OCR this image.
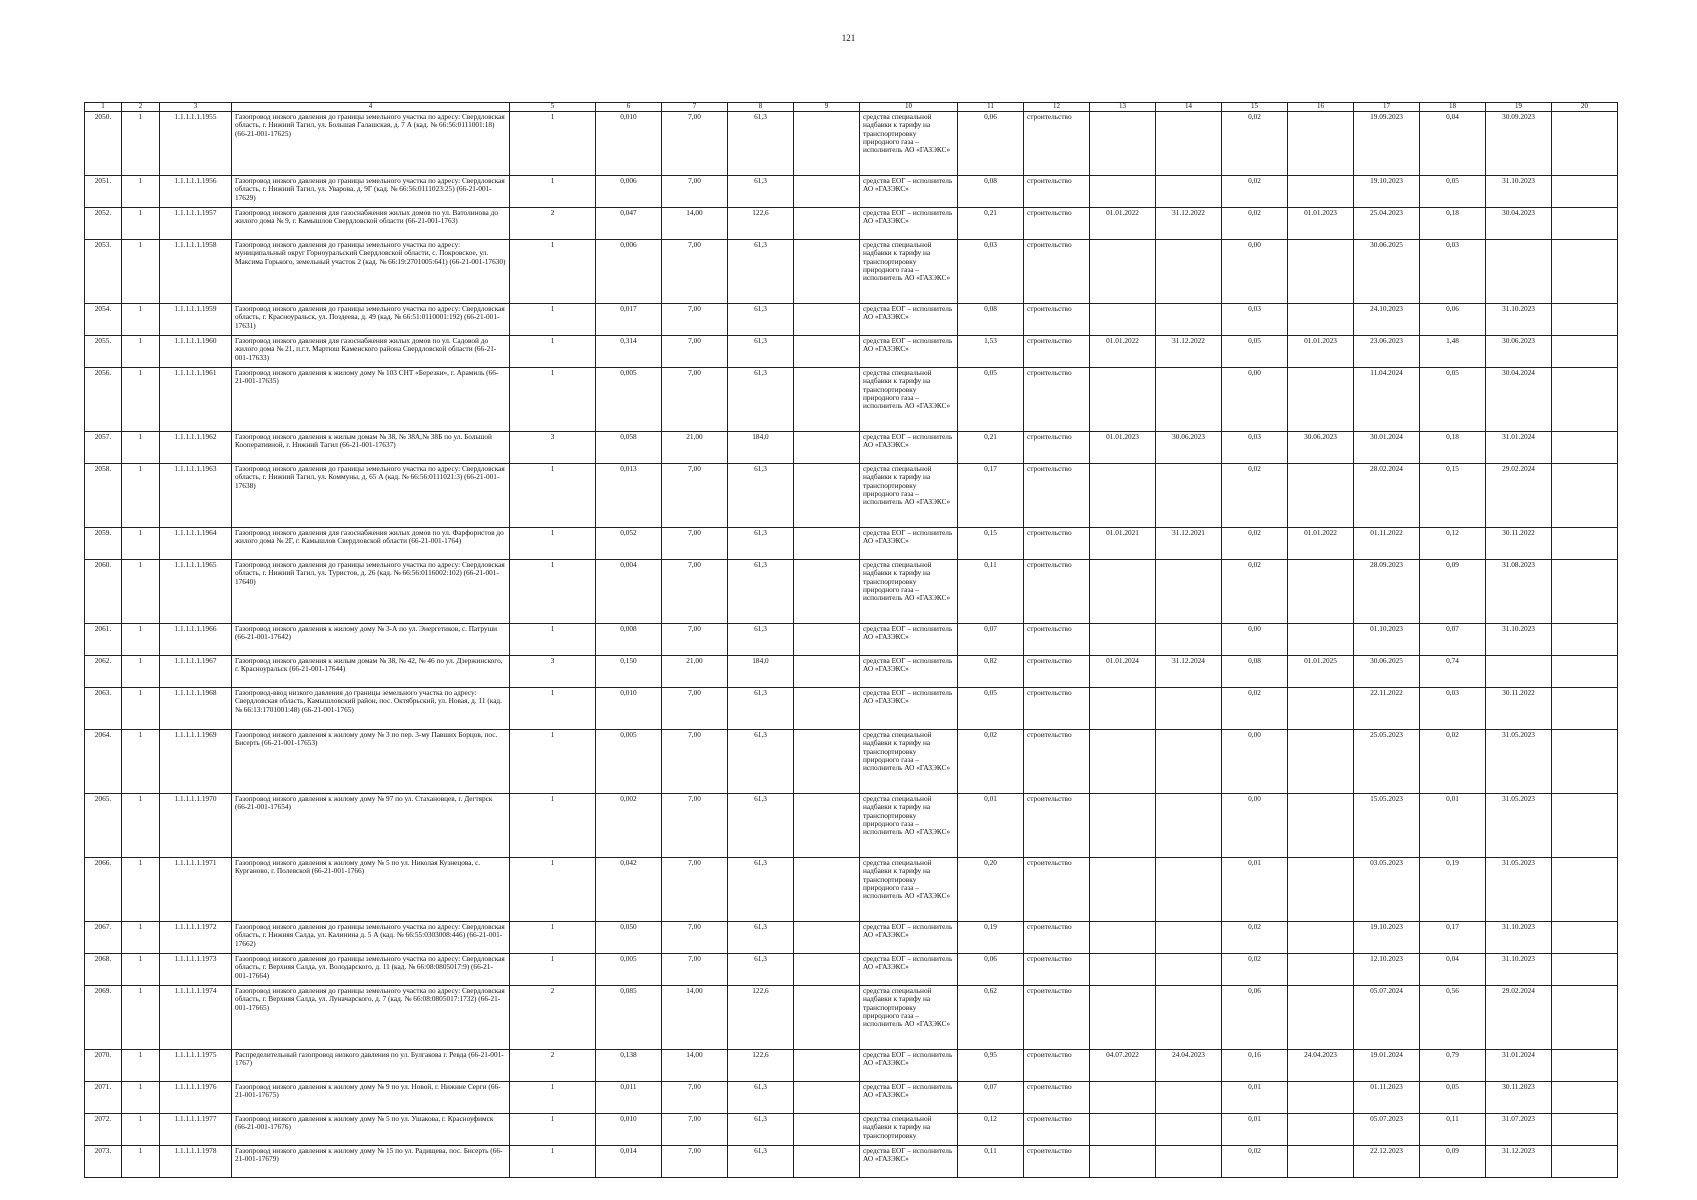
121
1	2	3	4	5	6	7	8	9	10	11	12	13	14	15	16	17	18	19	20
2050.	1	1.1.1.1.1.1955	Газопровод низкого давления до границы земельного участка по адресу: Свердловская область, г. Нижний Тагил, ул. Большая Галашская, д. 7 А (кад. № 66:56:0111001:18) (66-21-001-17625)	1	0,010	7,00	61,3		средства специальной надбавки к тарифу на транспортировку природного газа – исполнитель АО «ГАЗЭКС»	0,06	строительство			0,02		19.09.2023	0,04	30.09.2023	
2051.	1	1.1.1.1.1.1956	Газопровод низкого давления до границы земельного участка по адресу: Свердловская область, г. Нижний Тагил, ул. Уваровa, д. 9Г (кад. № 66:56:0111023:25) (66-21-001-17629)	1	0,006	7,00	61,3		средства ЕОГ – исполнитель АО «ГАЗЭКС»	0,08	строительство			0,02		19.10.2023	0,05	31.10.2023	
2052.	1	1.1.1.1.1.1957	Газопровод низкого давления для газоснабжения жилых домов по ул. Ватолинова до жилого дома № 9, г. Камышлов Свердловской области (66-21-001-1763)	2	0,047	14,00	122,6		средства ЕОГ – исполнитель АО «ГАЗЭКС»	0,21	строительство	01.01.2022	31.12.2022	0,02	01.01.2023	25.04.2023	0,18	30.04.2023	
2053.	1	1.1.1.1.1.1958	Газопровод низкого давления до границы земельного участка по адресу: муниципальный округ Горноуральский Свердловской области, с. Покровское, ул. Максима Горького, земельный участок 2 (кад. № 66:19:2701005:641) (66-21-001-17630)	1	0,006	7,00	61,3		средства специальной надбавки к тарифу на транспортировку природного газа – исполнитель АО «ГАЗЭКС»	0,03	строительство			0,00		30.06.2025	0,03		
2054.	1	1.1.1.1.1.1959	Газопровод низкого давления до границы земельного участка по адресу: Свердловская область, г. Красноуральск, ул. Поздеева, д. 49 (кад. № 66:51:0110001:192) (66-21-001-17631)	1	0,017	7,00	61,3		средства ЕОГ – исполнитель АО «ГАЗЭКС»	0,08	строительство			0,03		24.10.2023	0,06	31.10.2023	
2055.	1	1.1.1.1.1.1960	Газопровод низкого давления для газоснабжения жилых домов по ул. Садовой до жилого дома № 21, п.г.т. Мартюш Каменского района Свердловской области (66-21-001-17633)	1	0,314	7,00	61,3		средства ЕОГ – исполнитель АО «ГАЗЭКС»	1,53	строительство	01.01.2022	31.12.2022	0,05	01.01.2023	23.06.2023	1,48	30.06.2023	
2056.	1	1.1.1.1.1.1961	Газопровод низкого давления к жилому дому № 103 СНТ «Березки», г. Арамиль (66-21-001-17635)	1	0,005	7,00	61,3		средства специальной надбавки к тарифу на транспортировку природного газа – исполнитель АО «ГАЗЭКС»	0,05	строительство			0,00		11.04.2024	0,05	30.04.2024	
2057.	1	1.1.1.1.1.1962	Газопровод низкого давления к жилым домам № 38, № 38А,№ 38Б по ул. Большой Кооперативной, г. Нижний Тагил (66-21-001-17637)	3	0,058	21,00	184,0		средства ЕОГ – исполнитель АО «ГАЗЭКС»	0,21	строительство	01.01.2023	30.06.2023	0,03	30.06.2023	30.01.2024	0,18	31.01.2024	
2058.	1	1.1.1.1.1.1963	Газопровод низкого давления до границы земельного участка по адресу: Свердловская область, г. Нижний Тагил, ул. Коммуны, д. 65 А (кад. № 66:56:0111021:3) (66-21-001-17638)	1	0,013	7,00	61,3		средства специальной надбавки к тарифу на транспортировку природного газа – исполнитель АО «ГАЗЭКС»	0,17	строительство			0,02		28.02.2024	0,15	29.02.2024	
2059.	1	1.1.1.1.1.1964	Газопровод низкого давления для газоснабжения жилых домов по ул. Фарфористов до жилого дома № 2Г, г. Камышлов Свердловской области (66-21-001-1764)	1	0,052	7,00	61,3		средства ЕОГ – исполнитель АО «ГАЗЭКС»	0,15	строительство	01.01.2021	31.12.2021	0,02	01.01.2022	01.11.2022	0,12	30.11.2022	
2060.	1	1.1.1.1.1.1965	Газопровод низкого давления до границы земельного участка по адресу: Свердловская область, г. Нижний Тагил, ул. Туристов, д. 26 (кад. № 66:56:0116002:102) (66-21-001-17640)	1	0,004	7,00	61,3		средства специальной надбавки к тарифу на транспортировку природного газа – исполнитель АО «ГАЗЭКС»	0,11	строительство			0,02		28.09.2023	0,09	31.08.2023	
2061.	1	1.1.1.1.1.1966	Газопровод низкого давления к жилому дому № 3-А по ул. Энергетиков, с. Патруши (66-21-001-17642)	1	0,008	7,00	61,3		средства ЕОГ – исполнитель АО «ГАЗЭКС»	0,07	строительство			0,00		01.10.2023	0,07	31.10.2023	
2062.	1	1.1.1.1.1.1967	Газопровод низкого давления к жилым домам № 38, № 42, № 46 по ул. Дзержинского, г. Красноуральск (66-21-001-17644)	3	0,150	21,00	184,0		средства ЕОГ – исполнитель АО «ГАЗЭКС»	0,82	строительство	01.01.2024	31.12.2024	0,08	01.01.2025	30.06.2025	0,74		
2063.	1	1.1.1.1.1.1968	Газопровод-ввод низкого давления до границы земельного участка по адресу: Свердловская область, Камышловский район, пос. Октябрьский, ул. Новая, д. 11 (кад. № 66:13:1701001:48) (66-21-001-1765)	1	0,010	7,00	61,3		средства ЕОГ – исполнитель АО «ГАЗЭКС»	0,05	строительство			0,02		22.11.2022	0,03	30.11.2022	
2064.	1	1.1.1.1.1.1969	Газопровод низкого давления к жилому дому № 3 по пер. 3-му Павших Борцов, пос. Бисерть (66-21-001-17653)	1	0,005	7,00	61,3		средства специальной надбавки к тарифу на транспортировку природного газа – исполнитель АО «ГАЗЭКС»	0,02	строительство			0,00		25.05.2023	0,02	31.05.2023	
2065.	1	1.1.1.1.1.1970	Газопровод низкого давления к жилому дому № 97 по ул. Стахановцев, г. Дегтярск (66-21-001-17654)	1	0,002	7,00	61,3		средства специальной надбавки к тарифу на транспортировку природного газа – исполнитель АО «ГАЗЭКС»	0,01	строительство			0,00		15.05.2023	0,01	31.05.2023	
2066.	1	1.1.1.1.1.1971	Газопровод низкого давления к жилому дому № 5 по ул. Николая Кузнецова, с. Курганово, г. Полевской (66-21-001-1766)	1	0,042	7,00	61,3		средства специальной надбавки к тарифу на транспортировку природного газа – исполнитель АО «ГАЗЭКС»	0,20	строительство			0,01		03.05.2023	0,19	31.05.2023	
2067.	1	1.1.1.1.1.1972	Газопровод низкого давления до границы земельного участка по адресу: Свердловская область, г. Нижняя Салда, ул. Калинина д. 5 А (кад. № 66:55:0303008:446) (66-21-001-17662)	1	0,050	7,00	61,3		средства ЕОГ – исполнитель АО «ГАЗЭКС»	0,19	строительство			0,02		19.10.2023	0,17	31.10.2023	
2068.	1	1.1.1.1.1.1973	Газопровод низкого давления до границы земельного участка по адресу: Свердловская область, г. Верхняя Салда, ул. Володарского, д. 11 (кад. № 66:08:0805017:9) (66-21-001-17664)	1	0,005	7,00	61,3		средства ЕОГ – исполнитель АО «ГАЗЭКС»	0,06	строительство			0,02		12.10.2023	0,04	31.10.2023	
2069.	1	1.1.1.1.1.1974	Газопровод низкого давления до границы земельного участка по адресу: Свердловская область, г. Верхняя Салда, ул. Луначарского, д. 7 (кад. № 66:08:0805017:1732) (66-21-001-17665)	2	0,085	14,00	122,6		средства специальной надбавки к тарифу на транспортировку природного газа – исполнитель АО «ГАЗЭКС»	0,62	строительство			0,06		05.07.2024	0,56	29.02.2024	
2070.	1	1.1.1.1.1.1975	Распределительный газопровод низкого давления по ул. Булгакова г. Ревда (66-21-001-1767)	2	0,138	14,00	122,6		средства ЕОГ – исполнитель АО «ГАЗЭКС»	0,95	строительство	04.07.2022	24.04.2023	0,16	24.04.2023	19.01.2024	0,79	31.01.2024	
2071.	1	1.1.1.1.1.1976	Газопровод низкого давления к жилому дому № 9 по ул. Новой, г. Нижние Серги (66-21-001-17675)	1	0,011	7,00	61,3		средства ЕОГ – исполнитель АО «ГАЗЭКС»	0,07	строительство			0,01		01.11.2023	0,05	30.11.2023	
2072.	1	1.1.1.1.1.1977	Газопровод низкого давления к жилому дому № 5 по ул. Ушакова, г. Красноуфимск (66-21-001-17676)	1	0,010	7,00	61,3		средства специальной надбавки к тарифу на транспортировку	0,12	строительство			0,01		05.07.2023	0,11	31.07.2023	
2073.	1	1.1.1.1.1.1978	Газопровод низкого давления к жилому дому № 15 по ул. Радищева, пос. Бисерть (66-21-001-17679)	1	0,014	7,00	61,3		средства ЕОГ – исполнитель АО «ГАЗЭКС»	0,11	строительство			0,02		22.12.2023	0,09	31.12.2023	
